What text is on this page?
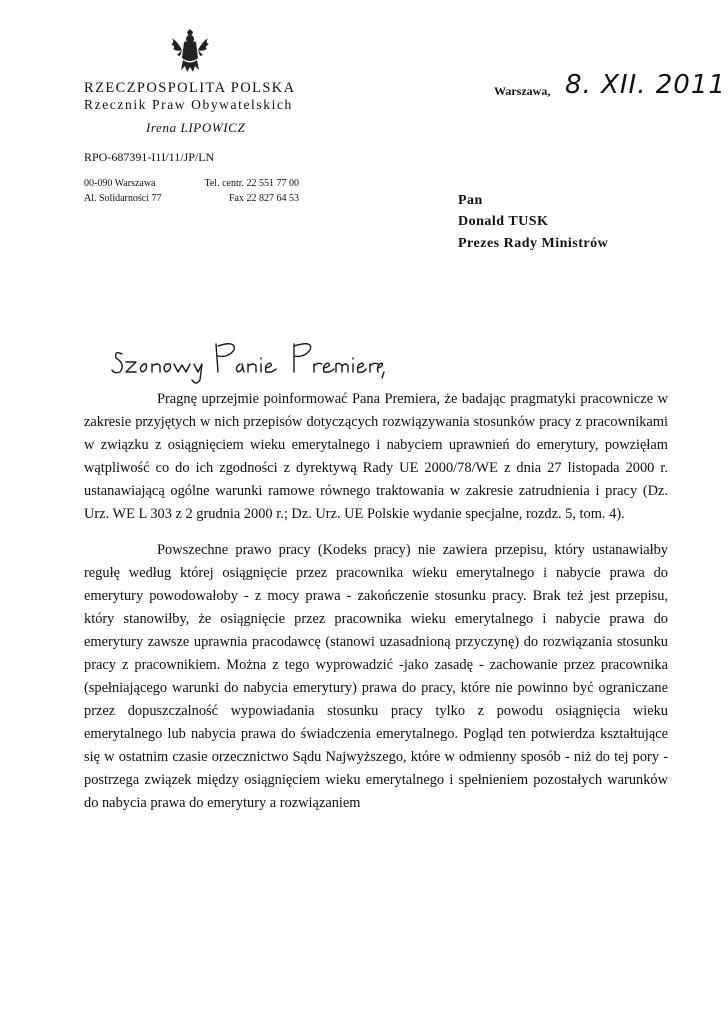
RZECZPOSPOLITA POLSKA
Rzecznik Praw Obywatelskich
Irena LIPOWICZ
RPO-687391-I1I/11/JP/LN
00-090 Warszawa
Al. Solidarności 77
Tel. centr. 22 551 77 00
Fax 22 827 64 53
Warszawa, 8. XII. 2011
Pan
Donald TUSK
Prezes Rady Ministrów

Pragnę uprzejmie poinformować Pana Premiera, że badając pragmatyki pracownicze w zakresie przyjętych w nich przepisów dotyczących rozwiązywania stosunków pracy z pracownikami w związku z osiągnięciem wieku emerytalnego i nabyciem uprawnień do emerytury, powzięłam wątpliwość co do ich zgodności z dyrektywą Rady UE 2000/78/WE z dnia 27 listopada 2000 r. ustanawiającą ogólne warunki ramowe równego traktowania w zakresie zatrudnienia i pracy (Dz. Urz. WE L 303 z 2 grudnia 2000 r.; Dz. Urz. UE Polskie wydanie specjalne, rozdz. 5, tom. 4).

Powszechne prawo pracy (Kodeks pracy) nie zawiera przepisu, który ustanawiałby regułę według której osiągnięcie przez pracownika wieku emerytalnego i nabycie prawa do emerytury powodowałoby - z mocy prawa - zakończenie stosunku pracy. Brak też jest przepisu, który stanowiłby, że osiągnięcie przez pracownika wieku emerytalnego i nabycie prawa do emerytury zawsze uprawnia pracodawcę (stanowi uzasadnioną przyczynę) do rozwiązania stosunku pracy z pracownikiem. Można z tego wyprowadzić -jako zasadę - zachowanie przez pracownika (spełniającego warunki do nabycia emerytury) prawa do pracy, które nie powinno być ograniczane przez dopuszczalność wypowiadania stosunku pracy tylko z powodu osiągnięcia wieku emerytalnego lub nabycia prawa do świadczenia emerytalnego. Pogląd ten potwierdza kształtujące się w ostatnim czasie orzecznictwo Sądu Najwyższego, które w odmienny sposób - niż do tej pory - postrzega związek między osiągnięciem wieku emerytalnego i spełnieniem pozostałych warunków do nabycia prawa do emerytury a rozwiązaniem
